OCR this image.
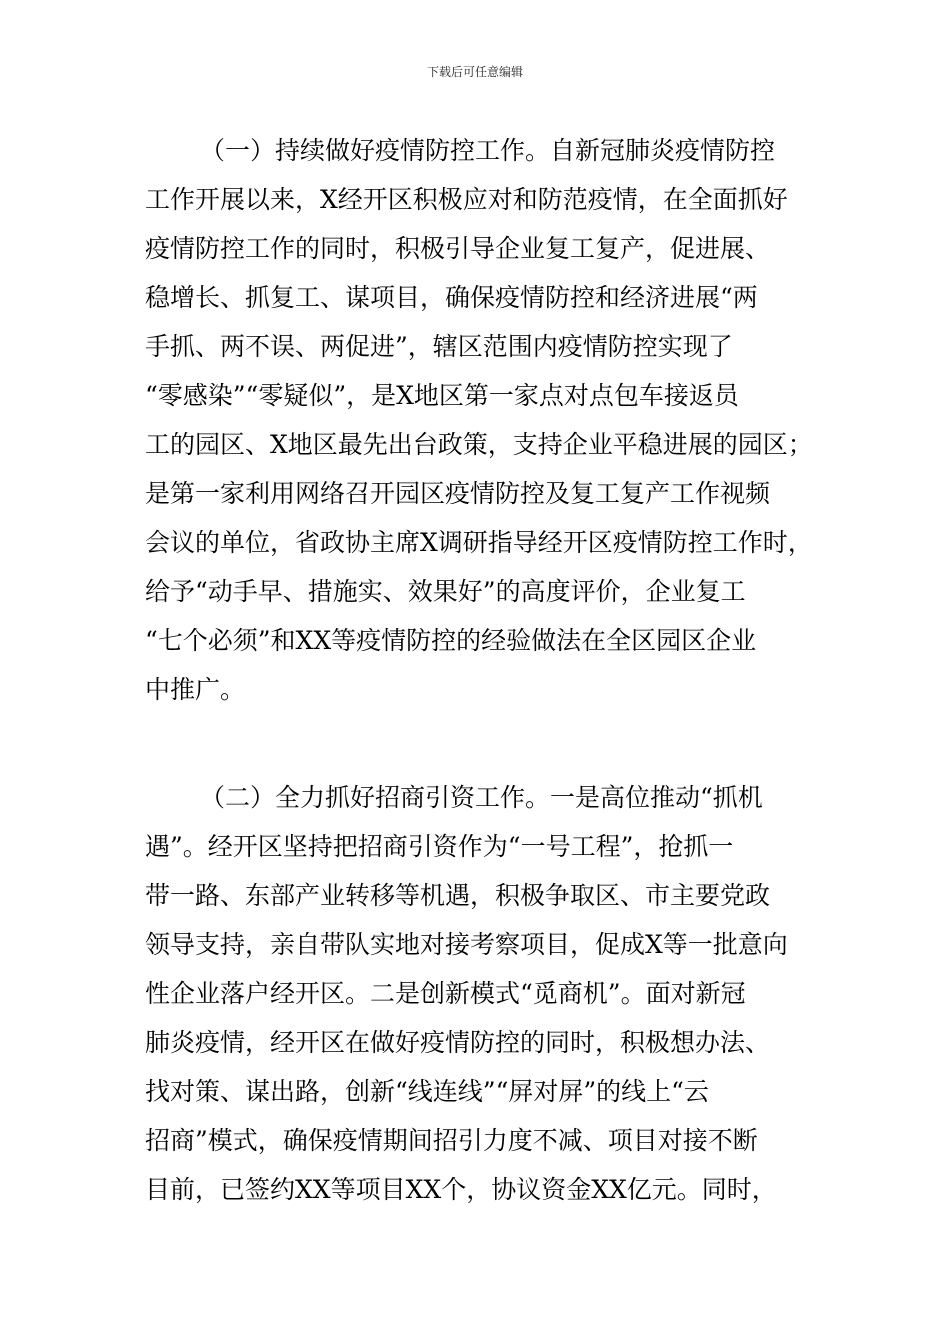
下载后可任意编辑
（一）持续做好疫情防控工作。自新冠肺炎疫情防控
工作开展以来，X经开区积极应对和防范疫情，在全面抓好
疫情防控工作的同时，积极引导企业复工复产，促进展、
稳增长、抓复工、谋项目，确保疫情防控和经济进展“两
手抓、两不误、两促进”，辖区范围内疫情防控实现了
“零感染”“零疑似”，是X地区第一家点对点包车接返员
工的园区、X地区最先出台政策，支持企业平稳进展的园区；
是第一家利用网络召开园区疫情防控及复工复产工作视频
会议的单位，省政协主席X调研指导经开区疫情防控工作时，
给予“动手早、措施实、效果好”的高度评价，企业复工
“七个必须”和XX等疫情防控的经验做法在全区园区企业
中推广。
（二）全力抓好招商引资工作。一是高位推动“抓机
遇”。经开区坚持把招商引资作为“一号工程”，抢抓一
带一路、东部产业转移等机遇，积极争取区、市主要党政
领导支持，亲自带队实地对接考察项目，促成X等一批意向
性企业落户经开区。二是创新模式“觅商机”。面对新冠
肺炎疫情，经开区在做好疫情防控的同时，积极想办法、
找对策、谋出路，创新“线连线”“屏对屏”的线上“云
招商”模式，确保疫情期间招引力度不减、项目对接不断
目前，已签约XX等项目XX个，协议资金XX亿元。同时，
